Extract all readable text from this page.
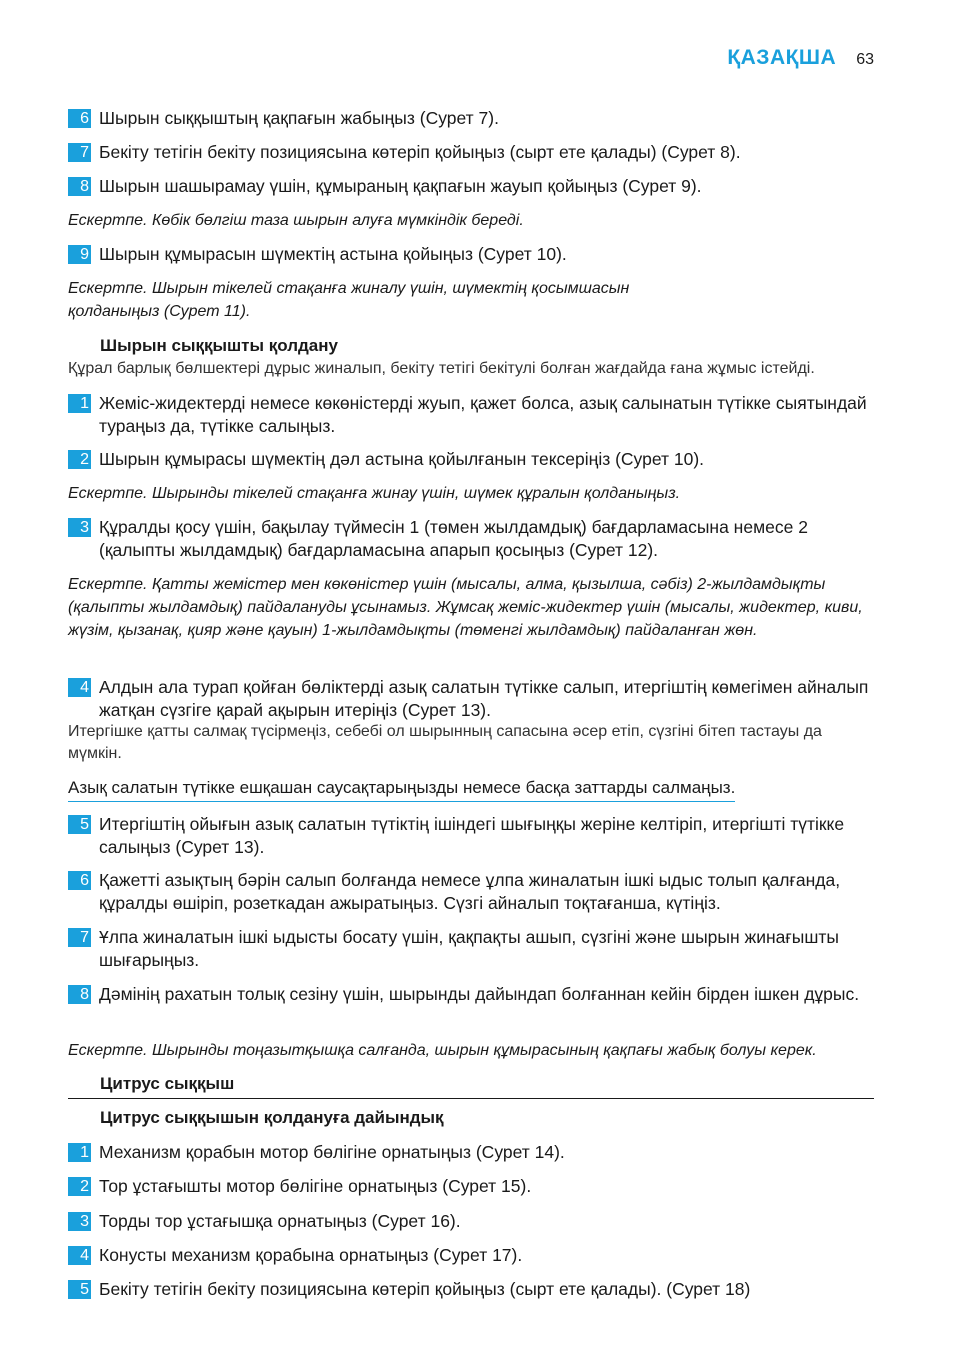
ҚАЗАҚША 63
6 Шырын сыққыштың қақпағын жабыңыз (Сурет 7).
7 Бекіту тетігін бекіту позициясына көтеріп қойыңыз (сырт ете қалады) (Сурет 8).
8 Шырын шашырамау үшін, құмыраның қақпағын жауып қойыңыз (Сурет 9).
Ескертпе. Көбік бөлгіш таза шырын алуға мүмкіндік береді.
9 Шырын құмырасын шүмектің астына қойыңыз (Сурет 10).
Ескертпе. Шырын тікелей стақанға жиналу үшін, шүмектің қосымшасын қолданыңыз (Сурет 11).
Шырын сыққышты қолдану
Құрал барлық бөлшектері дұрыс жиналып, бекіту тетігі бекітулі болған жағдайда ғана жұмыс істейді.
1 Жеміс-жидектерді немесе көкөністерді жуып, қажет болса, азық салынатын түтікке сыятындай тураңыз да, түтікке салыңыз.
2 Шырын құмырасы шүмектің дәл астына қойылғанын тексеріңіз (Сурет 10).
Ескертпе. Шырынды тікелей стақанға жинау үшін, шүмек құралын қолданыңыз.
3 Құралды қосу үшін, бақылау түймесін 1 (төмен жылдамдық) бағдарламасына немесе 2 (қалыпты жылдамдық) бағдарламасына апарып қосыңыз (Сурет 12).
Ескертпе. Қатты жемістер мен көкөністер үшін (мысалы, алма, қызылша, сәбіз) 2-жылдамдықты (қалыпты жылдамдық) пайдалануды ұсынамыз. Жұмсақ жеміс-жидектер үшін (мысалы, жидектер, киви, жүзім, қызанақ, қияр және қауын) 1-жылдамдықты (төменгі жылдамдық) пайдаланған жөн.
4 Алдын ала турап қойған бөліктерді азық салатын түтікке салып, итергіштің көмегімен айналып жатқан сүзгіге қарай ақырын итеріңіз (Сурет 13).
Итергішке қатты салмақ түсірмеңіз, себебі ол шырынның сапасына әсер етіп, сүзгіні бітеп тастауы да мүмкін.
Азық салатын түтікке ешқашан саусақтарыңызды немесе басқа заттарды салмаңыз.
5 Итергіштің ойығын азық салатын түтіктің ішіндегі шығыңқы жеріне келтіріп, итергішті түтікке салыңыз (Сурет 13).
6 Қажетті азықтың бәрін салып болғанда немесе ұлпа жиналатын ішкі ыдыс толып қалғанда, құралды өшіріп, розеткадан ажыратыңыз. Сүзгі айналып тоқтағанша, күтіңіз.
7 Ұлпа жиналатын ішкі ыдысты босату үшін, қақпақты ашып, сүзгіні және шырын жинағышты шығарыңыз.
8 Дәмінің рахатын толық сезіну үшін, шырынды дайындап болғаннан кейін бірден ішкен дұрыс.
Ескертпе. Шырынды тоңазытқышқа салғанда, шырын құмырасының қақпағы жабық болуы керек.
Цитрус сыққыш
Цитрус сыққышын қолдануға дайындық
1 Механизм қорабын мотор бөлігіне орнатыңыз (Сурет 14).
2 Тор ұстағышты мотор бөлігіне орнатыңыз (Сурет 15).
3 Торды тор ұстағышқа орнатыңыз (Сурет 16).
4 Конусты механизм қорабына орнатыңыз (Сурет 17).
5 Бекіту тетігін бекіту позициясына көтеріп қойыңыз (сырт ете қалады). (Сурет 18)
